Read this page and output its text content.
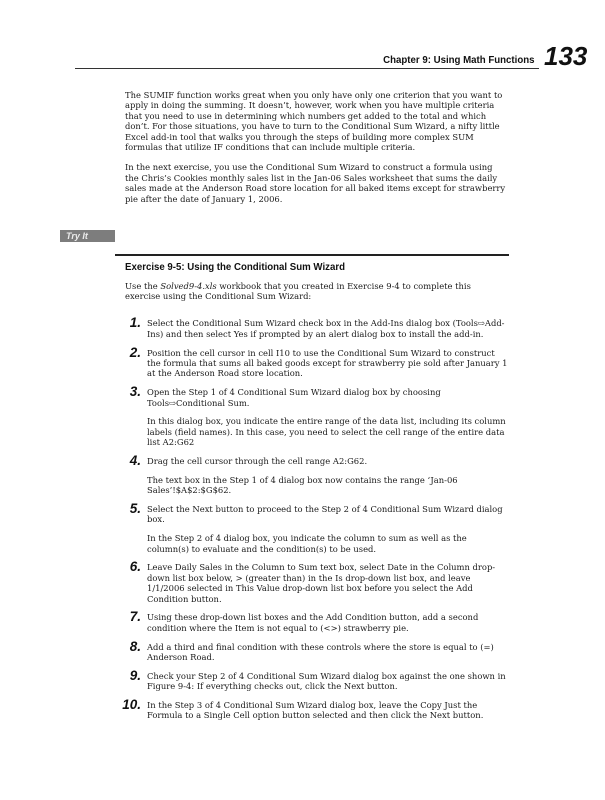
Chapter 9: Using Math Functions 133

The SUMIF function works great when you only have only one criterion that you want to apply in doing the summing. It doesn’t, however, work when you have multiple criteria that you need to use in determining which numbers get added to the total and which don’t. For those situations, you have to turn to the Conditional Sum Wizard, a nifty little Excel add-in tool that walks you through the steps of building more complex SUM formulas that utilize IF conditions that can include multiple criteria.

In the next exercise, you use the Conditional Sum Wizard to construct a formula using the Chris’s Cookies monthly sales list in the Jan-06 Sales worksheet that sums the daily sales made at the Anderson Road store location for all baked items except for strawberry pie after the date of January 1, 2006.

Try It
Exercise 9-5: Using the Conditional Sum Wizard
Use the Solved9-4.xls workbook that you created in Exercise 9-4 to complete this exercise using the Conditional Sum Wizard:
1. Select the Conditional Sum Wizard check box in the Add-Ins dialog box (Tools⇨Add-Ins) and then select Yes if prompted by an alert dialog box to install the add-in.

2. Position the cell cursor in cell I10 to use the Conditional Sum Wizard to construct the formula that sums all baked goods except for strawberry pie sold after January 1 at the Anderson Road store location.

3. Open the Step 1 of 4 Conditional Sum Wizard dialog box by choosing Tools⇨Conditional Sum.

In this dialog box, you indicate the entire range of the data list, including its column labels (field names). In this case, you need to select the cell range of the entire data list A2:G62

4. Drag the cell cursor through the cell range A2:G62.

The text box in the Step 1 of 4 dialog box now contains the range ‘Jan-06 Sales’!$A$2:$G$62.

5. Select the Next button to proceed to the Step 2 of 4 Conditional Sum Wizard dialog box.

In the Step 2 of 4 dialog box, you indicate the column to sum as well as the column(s) to evaluate and the condition(s) to be used.

6. Leave Daily Sales in the Column to Sum text box, select Date in the Column drop-down list box below, > (greater than) in the Is drop-down list box, and leave 1/1/2006 selected in This Value drop-down list box before you select the Add Condition button.

7. Using these drop-down list boxes and the Add Condition button, add a second condition where the Item is not equal to (<>) strawberry pie.

8. Add a third and final condition with these controls where the store is equal to (=) Anderson Road.

9. Check your Step 2 of 4 Conditional Sum Wizard dialog box against the one shown in Figure 9-4: If everything checks out, click the Next button.

10. In the Step 3 of 4 Conditional Sum Wizard dialog box, leave the Copy Just the Formula to a Single Cell option button selected and then click the Next button.
